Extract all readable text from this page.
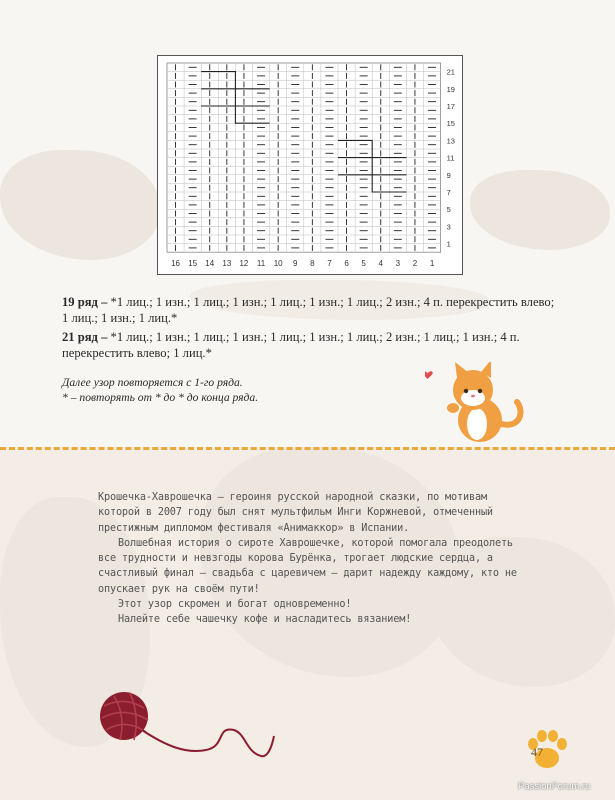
16 15 14 13 12 11 10 9 8 7 6 5 4 3 2 1
21
19
17
15
13
11
9
7
5
3
1

19 ряд – *1 лиц.; 1 изн.; 1 лиц.; 1 изн.; 1 лиц.; 1 изн.; 1 лиц.; 2 изн.; 4 п. перекрестить влево; 1 лиц.; 1 изн.; 1 лиц.*

21 ряд – *1 лиц.; 1 изн.; 1 лиц.; 1 изн.; 1 лиц.; 1 изн.; 1 лиц.; 2 изн.; 1 лиц.; 1 изн.; 4 п. перекрестить влево; 1 лиц.*

Далее узор повторяется с 1-го ряда.
* – повторять от * до * до конца ряда.

Крошечка-Хаврошечка – героиня русской народной сказки, по мотивам которой в 2007 году был снят мультфильм Инги Коржневой, отмеченный престижным дипломом фестиваля «Анимаккор» в Испании.

Волшебная история о сироте Хаврошечке, которой помогала преодолеть все трудности и невзгоды корова Бурёнка, трогает людские сердца, а счастливый финал – свадьба с царевичем – дарит надежду каждому, кто не опускает рук на своём пути!

Этот узор скромен и богат одновременно!

Налейте себе чашечку кофе и насладитесь вязанием!

47
PassionForum.ru
